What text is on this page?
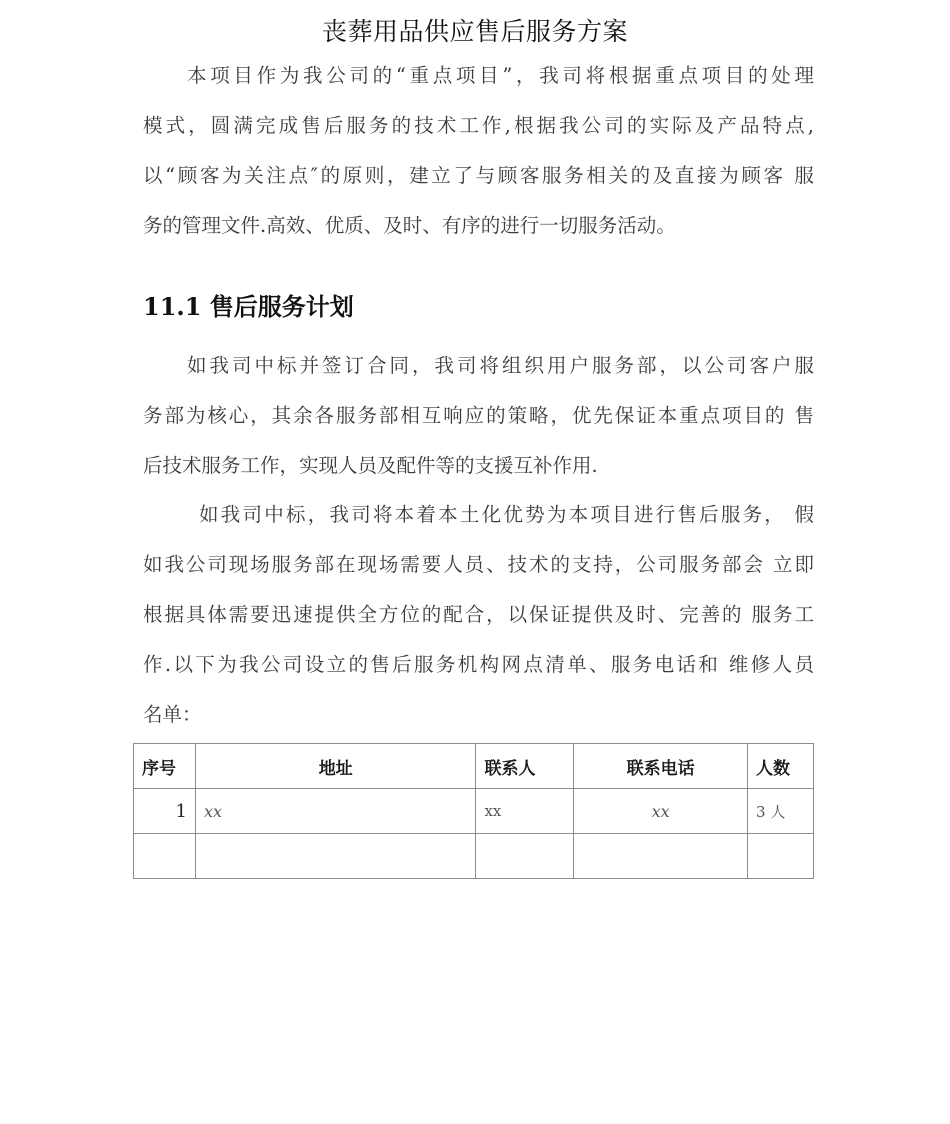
丧葬用品供应售后服务方案
本项目作为我公司的“重点项目”，我司将根据重点项目的处理
模式，圆满完成售后服务的技术工作,根据我公司的实际及产品特点,
以“顾客为关注点″的原则，建立了与顾客服务相关的及直接为顾客 服
务的管理文件.高效、优质、及时、有序的进行一切服务活动。
11.1 售后服务计划
如我司中标并签订合同，我司将组织用户服务部，以公司客户服
务部为核心，其余各服务部相互响应的策略，优先保证本重点项目的 售
后技术服务工作，实现人员及配件等的支援互补作用.
如我司中标，我司将本着本土化优势为本项目进行售后服务， 假
如我公司现场服务部在现场需要人员、技术的支持，公司服务部会 立即
根据具体需要迅速提供全方位的配合，以保证提供及时、完善的 服务工
作.以下为我公司设立的售后服务机构网点清单、服务电话和 维修人员
名单：
序号	地址	联系人	联系电话	人数
1	xx	xx	xx	3 人
